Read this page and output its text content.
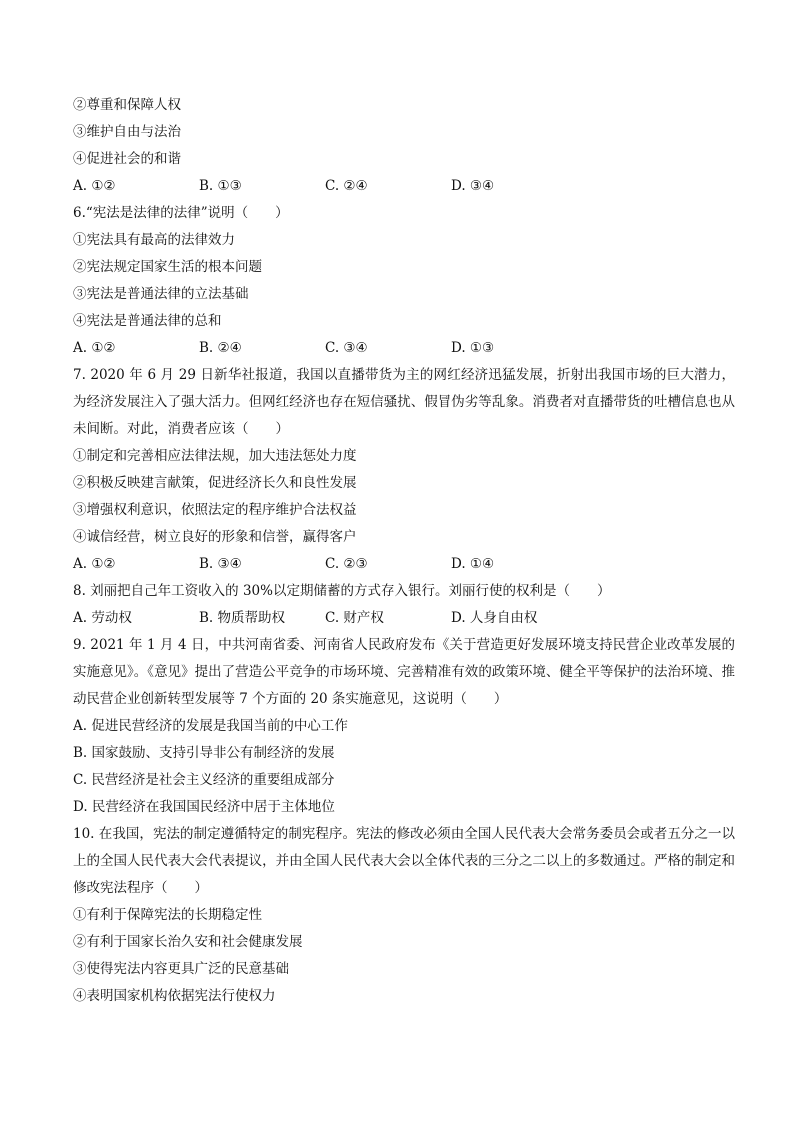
②尊重和保障人权
③维护自由与法治
④促进社会的和谐
A. ①②	B. ①③	C. ②④	D. ③④
6.“宪法是法律的法律”说明（　　）
①宪法具有最高的法律效力
②宪法规定国家生活的根本问题
③宪法是普通法律的立法基础
④宪法是普通法律的总和
A. ①②	B. ②④	C. ③④	D. ①③
7. 2020 年 6 月 29 日新华社报道，我国以直播带货为主的网红经济迅猛发展，折射出我国市场的巨大潜力，为经济发展注入了强大活力。但网红经济也存在短信骚扰、假冒伪劣等乱象。消费者对直播带货的吐槽信息也从未间断。对此，消费者应该（　　）
①制定和完善相应法律法规，加大违法惩处力度
②积极反映建言献策，促进经济长久和良性发展
③增强权利意识，依照法定的程序维护合法权益
④诚信经营，树立良好的形象和信誉，赢得客户
A. ①②	B. ③④	C. ②③	D. ①④
8. 刘丽把自己年工资收入的 30%以定期储蓄的方式存入银行。刘丽行使的权利是（　　）
A. 劳动权	B. 物质帮助权	C. 财产权	D. 人身自由权
9. 2021 年 1 月 4 日，中共河南省委、河南省人民政府发布《关于营造更好发展环境支持民营企业改革发展的实施意见》。《意见》提出了营造公平竞争的市场环境、完善精准有效的政策环境、健全平等保护的法治环境、推动民营企业创新转型发展等 7 个方面的 20 条实施意见，这说明（　　）
A. 促进民营经济的发展是我国当前的中心工作
B. 国家鼓励、支持引导非公有制经济的发展
C. 民营经济是社会主义经济的重要组成部分
D. 民营经济在我国国民经济中居于主体地位
10. 在我国，宪法的制定遵循特定的制宪程序。宪法的修改必须由全国人民代表大会常务委员会或者五分之一以上的全国人民代表大会代表提议，并由全国人民代表大会以全体代表的三分之二以上的多数通过。严格的制定和修改宪法程序（　　）
①有利于保障宪法的长期稳定性
②有利于国家长治久安和社会健康发展
③使得宪法内容更具广泛的民意基础
④表明国家机构依据宪法行使权力
